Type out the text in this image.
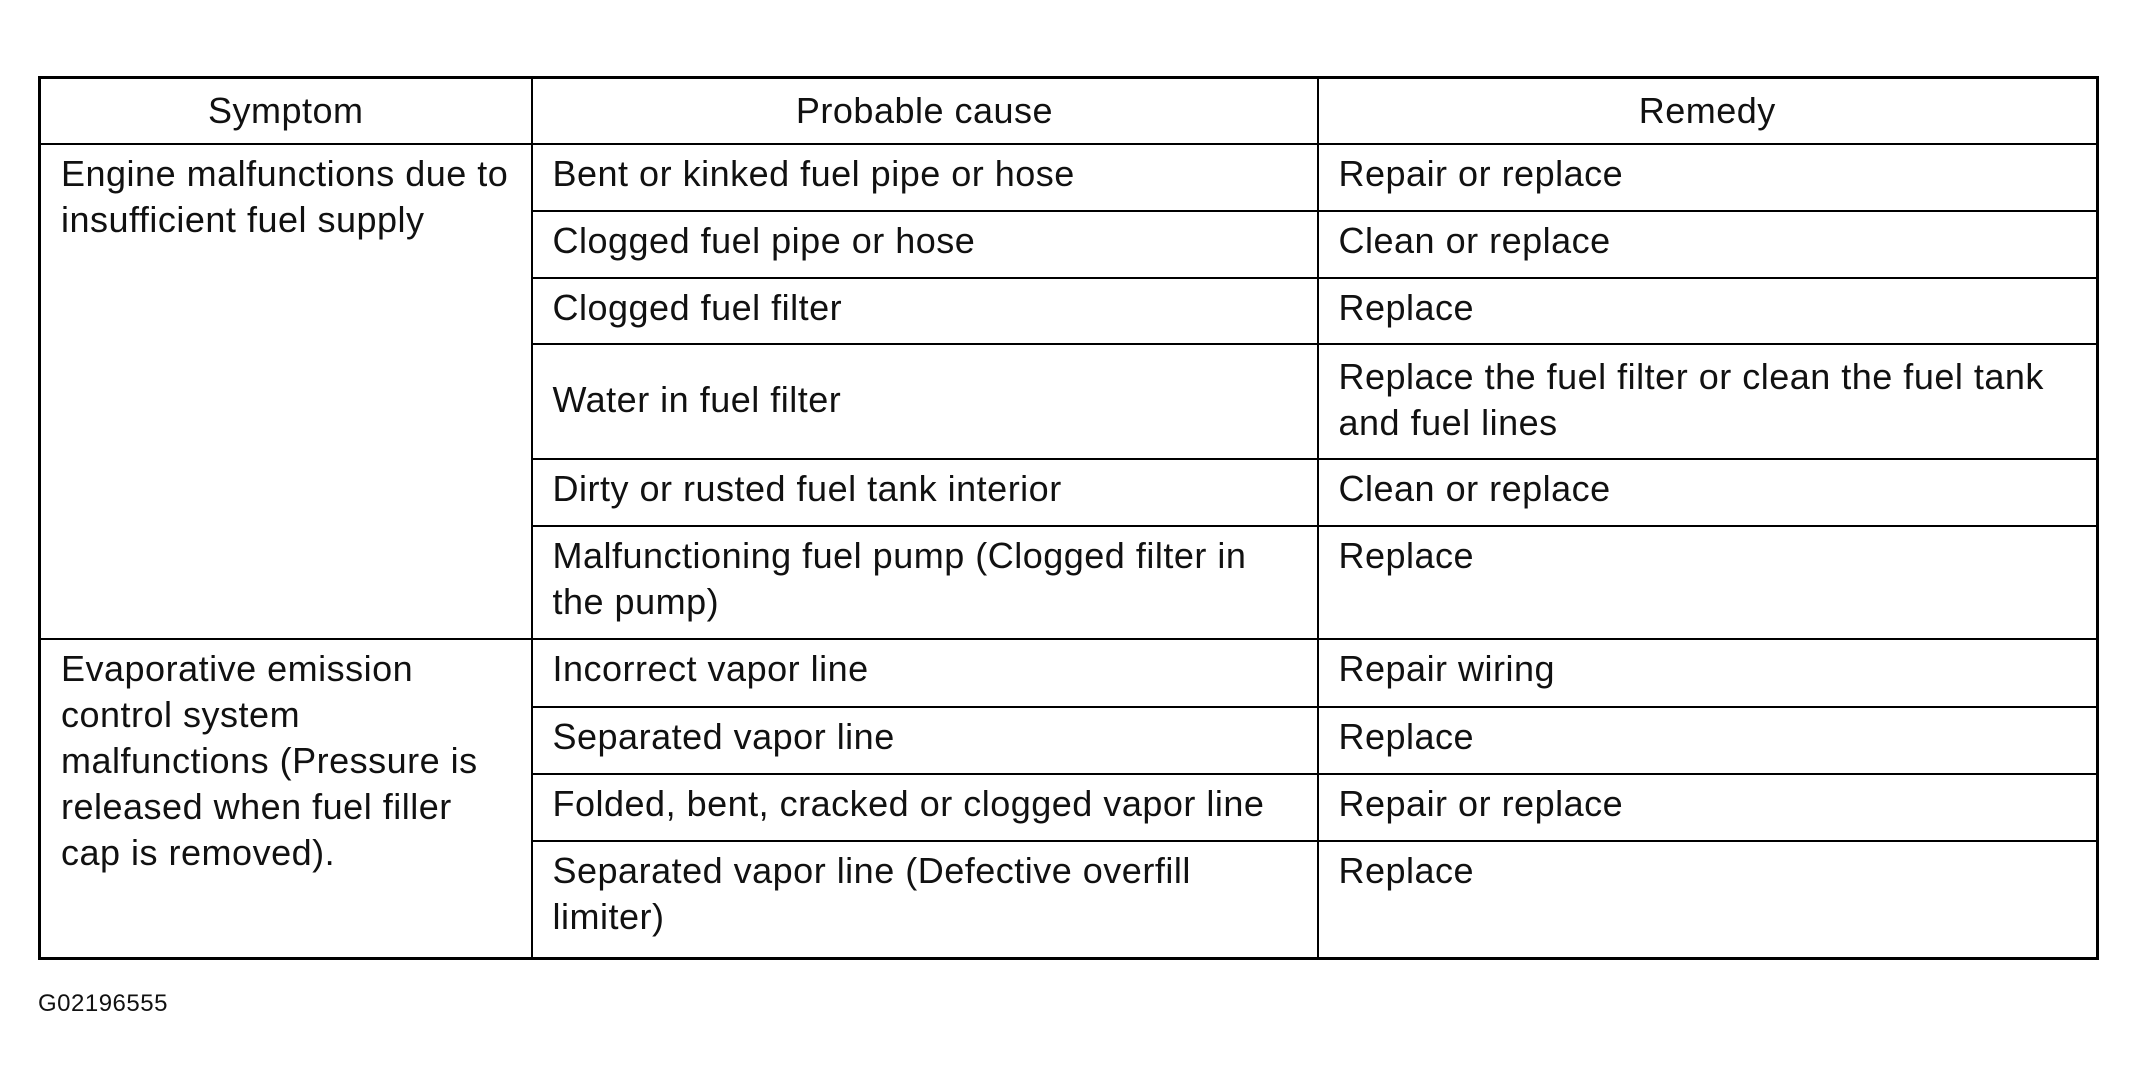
Symptom	Probable cause	Remedy
Engine malfunctions due to insufficient fuel supply	Bent or kinked fuel pipe or hose	Repair or replace
	Clogged fuel pipe or hose	Clean or replace
	Clogged fuel filter	Replace
	Water in fuel filter	Replace the fuel filter or clean the fuel tank and fuel lines
	Dirty or rusted fuel tank interior	Clean or replace
	Malfunctioning fuel pump (Clogged filter in the pump)	Replace
Evaporative emission control system malfunctions (Pressure is released when fuel filler cap is removed).	Incorrect vapor line	Repair wiring
	Separated vapor line	Replace
	Folded, bent, cracked or clogged vapor line	Repair or replace
	Separated vapor line (Defective overfill limiter)	Replace
G02196555
